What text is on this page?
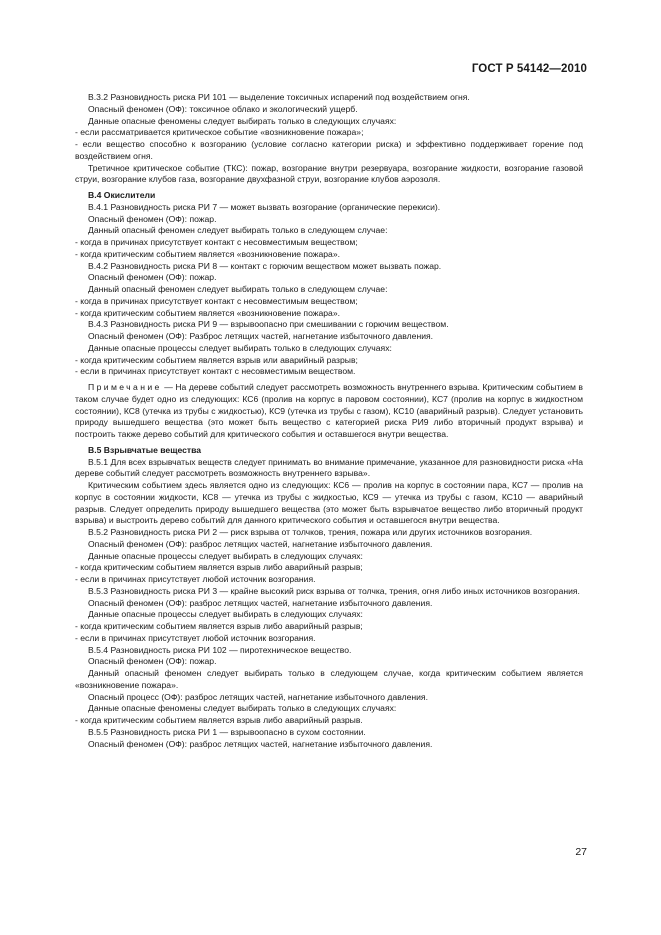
ГОСТ Р 54142—2010

В.3.2 Разновидность риска РИ 101 — выделение токсичных испарений под воздействием огня.

Опасный феномен (ОФ): токсичное облако и экологический ущерб.

Данные опасные феномены следует выбирать только в следующих случаях:

- если рассматривается критическое событие «возникновение пожара»;

- если вещество способно к возгоранию (условие согласно категории риска) и эффективно поддерживает горение под воздействием огня.

Третичное критическое событие (ТКС): пожар, возгорание внутри резервуара, возгорание жидкости, возгорание газовой струи, возгорание клубов газа, возгорание двухфазной струи, возгорание клубов аэрозоля.

В.4 Окислители

В.4.1 Разновидность риска РИ 7 — может вызвать возгорание (органические перекиси).

Опасный феномен (ОФ): пожар.

Данный опасный феномен следует выбирать только в следующем случае:

- когда в причинах присутствует контакт с несовместимым веществом;

- когда критическим событием является «возникновение пожара».

В.4.2 Разновидность риска РИ 8 — контакт с горючим веществом может вызвать пожар.

Опасный феномен (ОФ): пожар.

Данный опасный феномен следует выбирать только в следующем случае:

- когда в причинах присутствует контакт с несовместимым веществом;

- когда критическим событием является «возникновение пожара».

В.4.3 Разновидность риска РИ 9 — взрывоопасно при смешивании с горючим веществом.

Опасный феномен (ОФ): Разброс летящих частей, нагнетание избыточного давления.

Данные опасные процессы следует выбирать только в следующих случаях:

- когда критическим событием является взрыв или аварийный разрыв;

- если в причинах присутствует контакт с несовместимым веществом.

Примечание — На дереве событий следует рассмотреть возможность внутреннего взрыва. Критическим событием в таком случае будет одно из следующих: КС6 (пролив на корпус в паровом состоянии), КС7 (пролив на корпус в жидкостном состоянии), КС8 (утечка из трубы с жидкостью), КС9 (утечка из трубы с газом), КС10 (аварийный разрыв). Следует установить природу вышедшего вещества (это может быть вещество с категорией риска РИ9 либо вторичный продукт взрыва) и построить также дерево событий для критического события и оставшегося внутри вещества.

В.5 Взрывчатые вещества

В.5.1 Для всех взрывчатых веществ следует принимать во внимание примечание, указанное для разновидности риска «На дереве событий следует рассмотреть возможность внутреннего взрыва».

Критическим событием здесь является одно из следующих: КС6 — пролив на корпус в состоянии пара, КС7 — пролив на корпус в состоянии жидкости, КС8 — утечка из трубы с жидкостью, КС9 — утечка из трубы с газом, КС10 — аварийный разрыв. Следует определить природу вышедшего вещества (это может быть взрывчатое вещество либо вторичный продукт взрыва) и выстроить дерево событий для данного критического события и оставшегося внутри вещества.

В.5.2 Разновидность риска РИ 2 — риск взрыва от толчков, трения, пожара или других источников возгорания.

Опасный феномен (ОФ): разброс летящих частей, нагнетание избыточного давления.

Данные опасные процессы следует выбирать в следующих случаях:

- когда критическим событием является взрыв либо аварийный разрыв;

- если в причинах присутствует любой источник возгорания.

В.5.3 Разновидность риска РИ 3 — крайне высокий риск взрыва от толчка, трения, огня либо иных источников возгорания.

Опасный феномен (ОФ): разброс летящих частей, нагнетание избыточного давления.

Данные опасные процессы следует выбирать в следующих случаях:

- когда критическим событием является взрыв либо аварийный разрыв;

- если в причинах присутствует любой источник возгорания.

В.5.4 Разновидность риска РИ 102 — пиротехническое вещество.

Опасный феномен (ОФ): пожар.

Данный опасный феномен следует выбирать только в следующем случае, когда критическим событием является «возникновение пожара».

Опасный процесс (ОФ): разброс летящих частей, нагнетание избыточного давления.

Данные опасные феномены следует выбирать только в следующих случаях:

- когда критическим событием является взрыв либо аварийный разрыв.

В.5.5 Разновидность риска РИ 1 — взрывоопасно в сухом состоянии.

Опасный феномен (ОФ): разброс летящих частей, нагнетание избыточного давления.

27
